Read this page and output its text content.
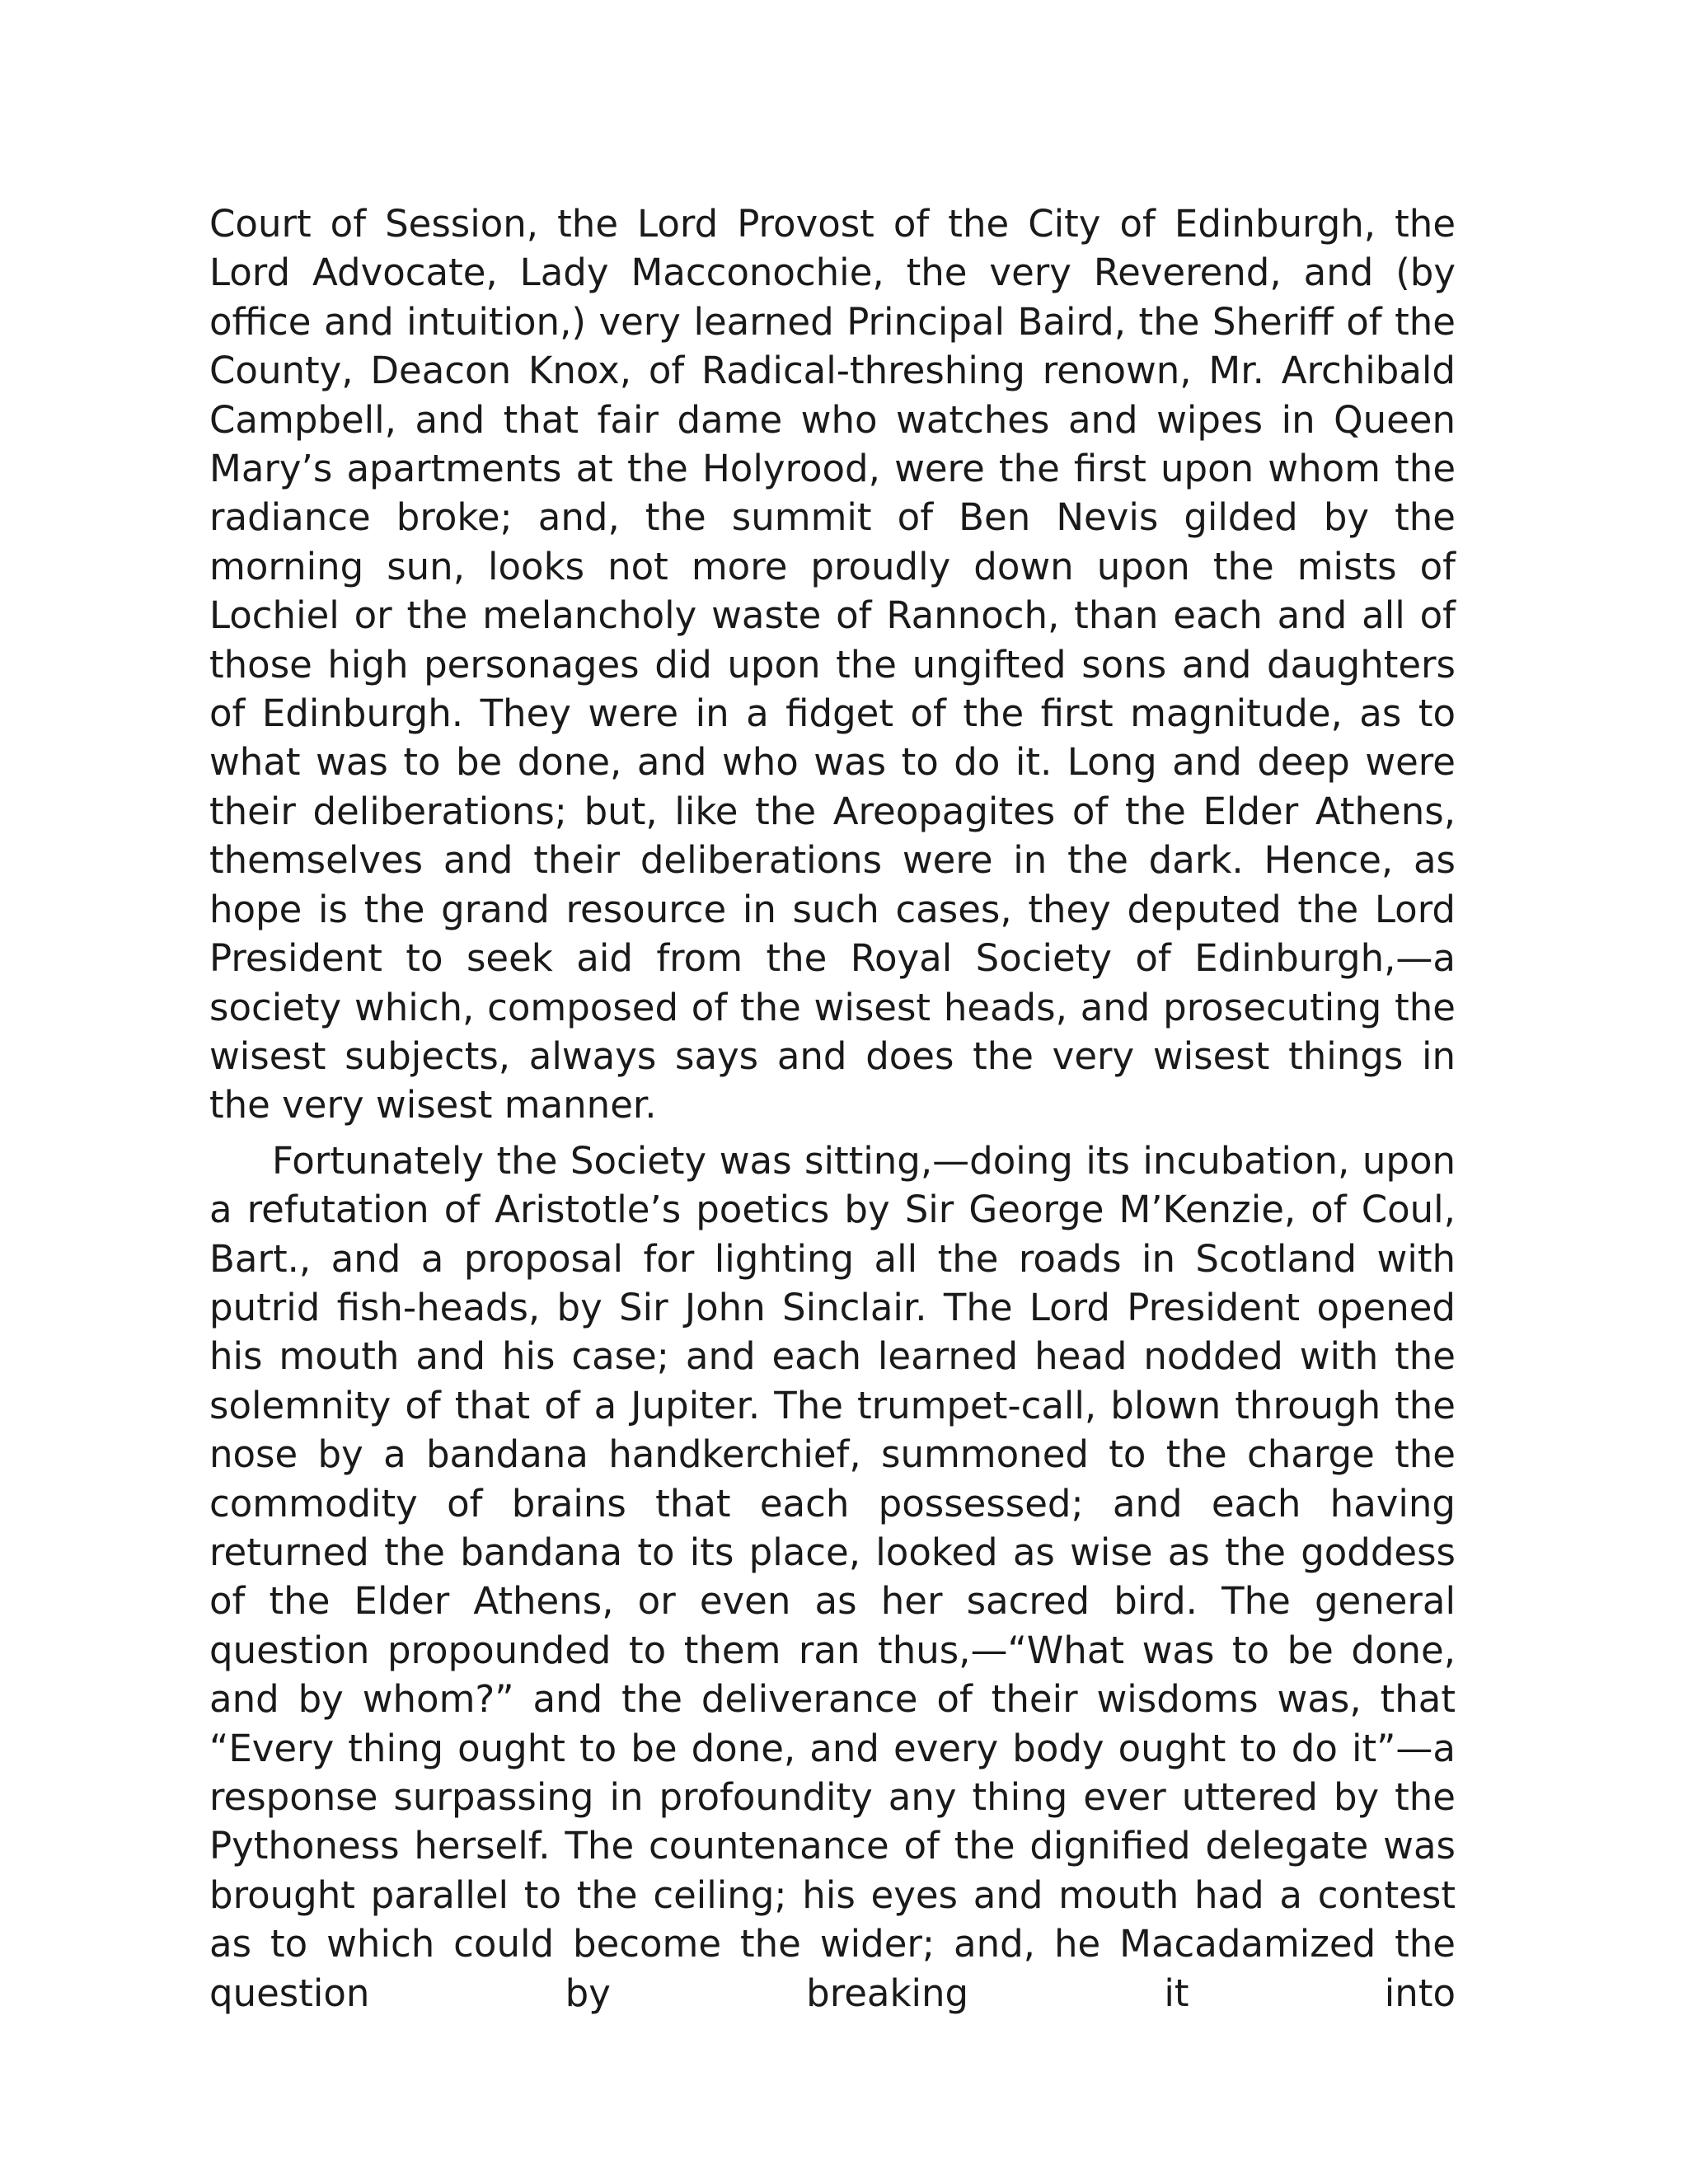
Court of Session, the Lord Provost of the City of Edinburgh, the Lord Advocate, Lady Macconochie, the very Reverend, and (by office and intuition,) very learned Principal Baird, the Sheriff of the County, Deacon Knox, of Radical-threshing renown, Mr. Archibald Campbell, and that fair dame who watches and wipes in Queen Mary’s apartments at the Holyrood, were the first upon whom the radiance broke; and, the summit of Ben Nevis gilded by the morning sun, looks not more proudly down upon the mists of Lochiel or the melancholy waste of Rannoch, than each and all of those high personages did upon the ungifted sons and daughters of Edinburgh. They were in a fidget of the first magnitude, as to what was to be done, and who was to do it. Long and deep were their deliberations; but, like the Areopagites of the Elder Athens, themselves and their deliberations were in the dark. Hence, as hope is the grand resource in such cases, they deputed the Lord President to seek aid from the Royal Society of Edinburgh,—a society which, composed of the wisest heads, and prosecuting the wisest subjects, always says and does the very wisest things in the very wisest manner.

Fortunately the Society was sitting,—doing its incubation, upon a refutation of Aristotle’s poetics by Sir George M’Kenzie, of Coul, Bart., and a proposal for lighting all the roads in Scotland with putrid fish-heads, by Sir John Sinclair. The Lord President opened his mouth and his case; and each learned head nodded with the solemnity of that of a Jupiter. The trumpet-call, blown through the nose by a bandana handkerchief, summoned to the charge the commodity of brains that each possessed; and each having returned the bandana to its place, looked as wise as the goddess of the Elder Athens, or even as her sacred bird. The general question propounded to them ran thus,—“What was to be done, and by whom?” and the deliverance of their wisdoms was, that “Every thing ought to be done, and every body ought to do it”—a response surpassing in profoundity any thing ever uttered by the Pythoness herself. The countenance of the dignified delegate was brought parallel to the ceiling; his eyes and mouth had a contest as to which could become the wider; and, he Macadamized the question by breaking it into
